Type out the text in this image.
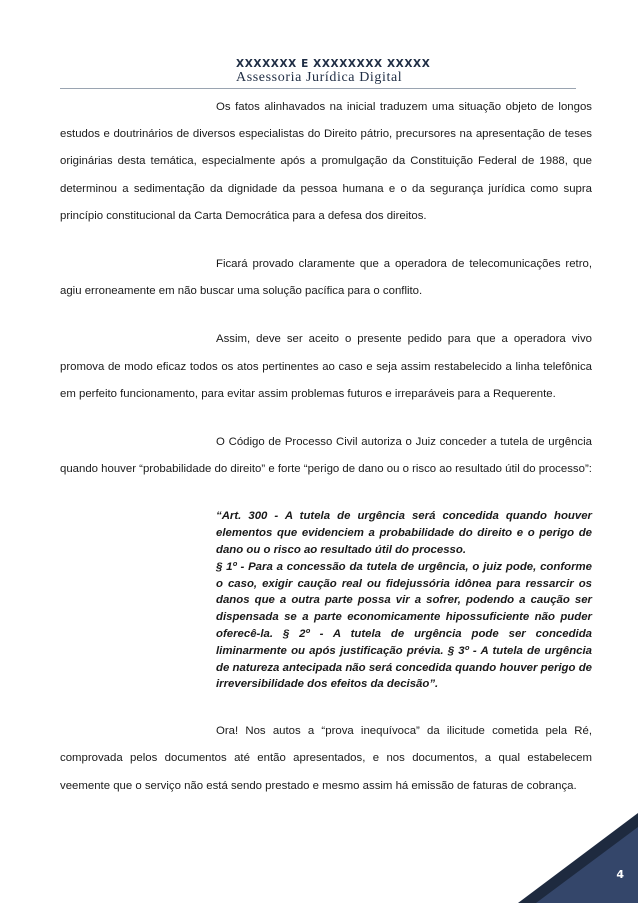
XXXXXXX E XXXXXXXX XXXXX
Assessoria Jurídica Digital

Os fatos alinhavados na inicial traduzem uma situação objeto de longos estudos e doutrinários de diversos especialistas do Direito pátrio, precursores na apresentação de teses originárias desta temática, especialmente após a promulgação da Constituição Federal de 1988, que determinou a sedimentação da dignidade da pessoa humana e o da segurança jurídica como supra princípio constitucional da Carta Democrática para a defesa dos direitos.

Ficará provado claramente que a operadora de telecomunicações retro, agiu erroneamente em não buscar uma solução pacífica para o conflito.

Assim, deve ser aceito o presente pedido para que a operadora vivo promova de modo eficaz todos os atos pertinentes ao caso e seja assim restabelecido a linha telefônica em perfeito funcionamento, para evitar assim problemas futuros e irreparáveis para a Requerente.

O Código de Processo Civil autoriza o Juiz conceder a tutela de urgência quando houver “probabilidade do direito” e forte “perigo de dano ou o risco ao resultado útil do processo”:

“Art. 300 - A tutela de urgência será concedida quando houver elementos que evidenciem a probabilidade do direito e o perigo de dano ou o risco ao resultado útil do processo.
§ 1º - Para a concessão da tutela de urgência, o juiz pode, conforme o caso, exigir caução real ou fidejussória idônea para ressarcir os danos que a outra parte possa vir a sofrer, podendo a caução ser dispensada se a parte economicamente hipossuficiente não puder oferecê-la. § 2º - A tutela de urgência pode ser concedida liminarmente ou após justificação prévia. § 3º - A tutela de urgência de natureza antecipada não será concedida quando houver perigo de irreversibilidade dos efeitos da decisão”.

Ora! Nos autos a “prova inequívoca” da ilicitude cometida pela Ré, comprovada pelos documentos até então apresentados, e nos documentos, a qual estabelecem veemente que o serviço não está sendo prestado e mesmo assim há emissão de faturas de cobrança.

4
